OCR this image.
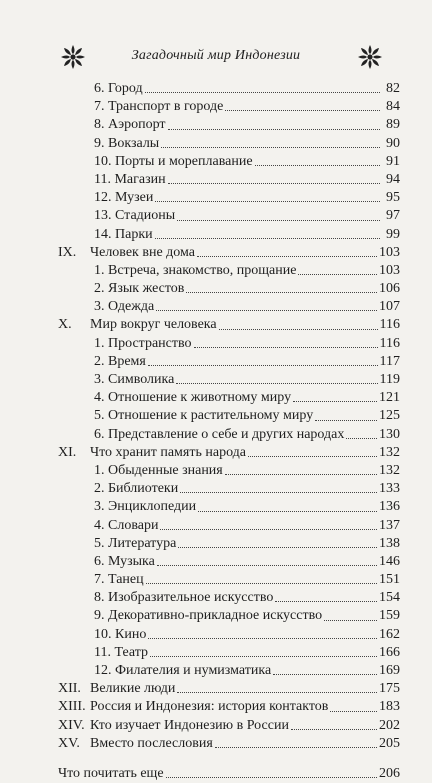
Загадочный мир Индонезии
6. Город	82
7. Транспорт в городе	84
8. Аэропорт	89
9. Вокзалы	90
10. Порты и мореплавание	91
11. Магазин	94
12. Музеи	95
13. Стадионы	97
14. Парки	99
IX. Человек вне дома	103
1. Встреча, знакомство, прощание	103
2. Язык жестов	106
3. Одежда	107
X.	Мир вокруг человека	116
1. Пространство	116
2. Время	117
3. Символика	119
4. Отношение к животному миру	121
5. Отношение к растительному миру	125
6. Представление о себе и других народах 130
XI. Что хранит память народа	132
1. Обыденные знания	132
2. Библиотеки	133
3. Энциклопедии	136
4. Словари	137
5. Литература	138
6. Музыка	146
7. Танец	151
8. Изобразительное искусство	154
9. Декоративно-прикладное искусство	159
10. Кино	162
11. Театр	166
12. Филателия и нумизматика	169
XII. Великие люди	175
XIII. Россия и Индонезия: история контактов	183
XIV. Кто изучает Индонезию в России	202
XV. Вместо послесловия	205
Что почитать еще	206
